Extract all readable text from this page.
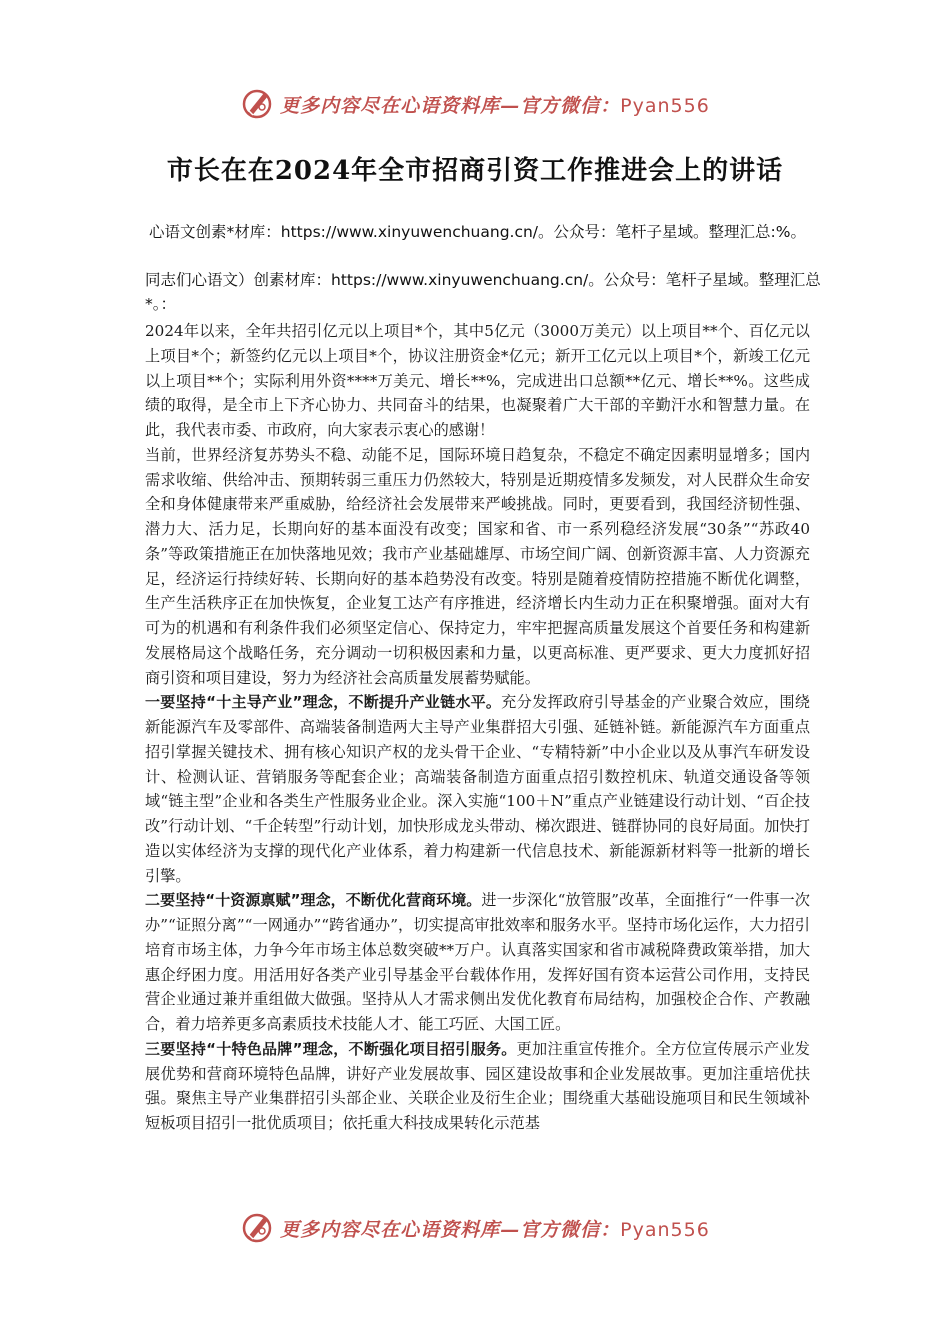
更多内容尽在心语资料库—官方微信：Pyan556
市长在在2024年全市招商引资工作推进会上的讲话
心语文创素*材库：https://www.xinyuwenchuang.cn/。公众号：笔杆子星域。整理汇总:%。
同志们心语文）创素材库：https://www.xinyuwenchuang.cn/。公众号：笔杆子星域。整理汇总*。：

2024年以来，全年共招引亿元以上项目*个，其中5亿元（3000万美元）以上项目**个、百亿元以上项目*个；新签约亿元以上项目*个，协议注册资金*亿元；新开工亿元以上项目*个，新竣工亿元以上项目**个；实际利用外资****万美元、增长**%，完成进出口总额**亿元、增长**%。这些成绩的取得，是全市上下齐心协力、共同奋斗的结果，也凝聚着广大干部的辛勤汗水和智慧力量。在此，我代表市委、市政府，向大家表示衷心的感谢！

当前，世界经济复苏势头不稳、动能不足，国际环境日趋复杂，不稳定不确定因素明显增多；国内需求收缩、供给冲击、预期转弱三重压力仍然较大，特别是近期疫情多发频发，对人民群众生命安全和身体健康带来严重威胁，给经济社会发展带来严峻挑战。同时，更要看到，我国经济韧性强、潜力大、活力足，长期向好的基本面没有改变；国家和省、市一系列稳经济发展“30条”“苏政40条”等政策措施正在加快落地见效；我市产业基础雄厚、市场空间广阔、创新资源丰富、人力资源充足，经济运行持续好转、长期向好的基本趋势没有改变。特别是随着疫情防控措施不断优化调整，生产生活秩序正在加快恢复，企业复工达产有序推进，经济增长内生动力正在积聚增强。面对大有可为的机遇和有利条件我们必须坚定信心、保持定力，牢牢把握高质量发展这个首要任务和构建新发展格局这个战略任务，充分调动一切积极因素和力量，以更高标准、更严要求、更大力度抓好招商引资和项目建设，努力为经济社会高质量发展蓄势赋能。

一要坚持“十主导产业”理念，不断提升产业链水平。充分发挥政府引导基金的产业聚合效应，围绕新能源汽车及零部件、高端装备制造两大主导产业集群招大引强、延链补链。新能源汽车方面重点招引掌握关键技术、拥有核心知识产权的龙头骨干企业、“专精特新”中小企业以及从事汽车研发设计、检测认证、营销服务等配套企业；高端装备制造方面重点招引数控机床、轨道交通设备等领域“链主型”企业和各类生产性服务业企业。深入实施“100＋N”重点产业链建设行动计划、“百企技改”行动计划、“千企转型”行动计划，加快形成龙头带动、梯次跟进、链群协同的良好局面。加快打造以实体经济为支撑的现代化产业体系，着力构建新一代信息技术、新能源新材料等一批新的增长引擎。

二要坚持“十资源禀赋”理念，不断优化营商环境。进一步深化“放管服”改革，全面推行“一件事一次办”“证照分离”“一网通办”“跨省通办”，切实提高审批效率和服务水平。坚持市场化运作，大力招引培育市场主体，力争今年市场主体总数突破**万户。认真落实国家和省市减税降费政策举措，加大惠企纾困力度。用活用好各类产业引导基金平台载体作用，发挥好国有资本运营公司作用，支持民营企业通过兼并重组做大做强。坚持从人才需求侧出发优化教育布局结构，加强校企合作、产教融合，着力培养更多高素质技术技能人才、能工巧匠、大国工匠。

三要坚持“十特色品牌”理念，不断强化项目招引服务。更加注重宣传推介。全方位宣传展示产业发展优势和营商环境特色品牌，讲好产业发展故事、园区建设故事和企业发展故事。更加注重培优扶强。聚焦主导产业集群招引头部企业、关联企业及衍生企业；围绕重大基础设施项目和民生领域补短板项目招引一批优质项目；依托重大科技成果转化示范基

更多内容尽在心语资料库—官方微信：Pyan556
